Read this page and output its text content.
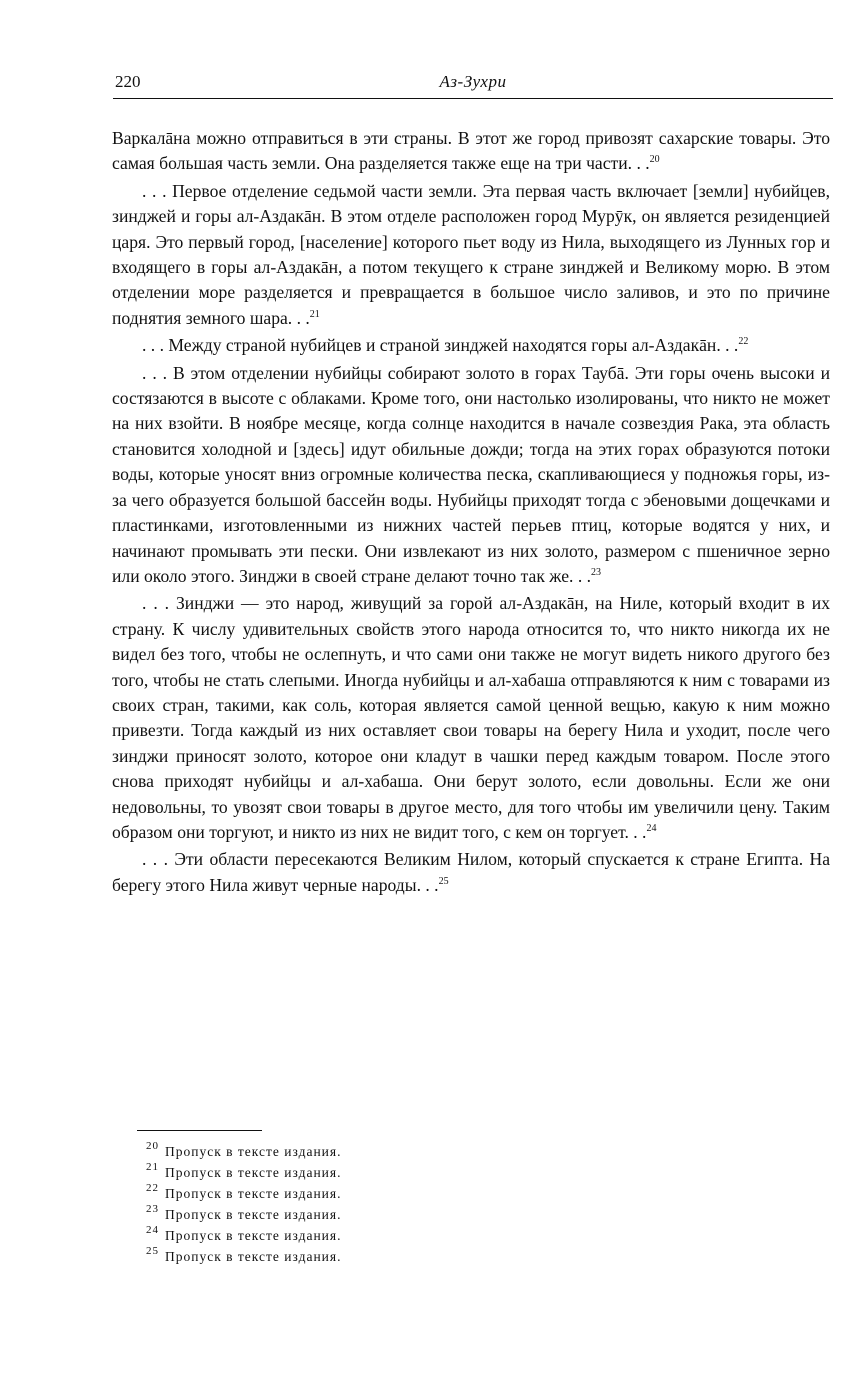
220	Аз-Зухри

Варкалāна можно отправиться в эти страны. В этот же город привозят сахарские товары. Это самая большая часть земли. Она разделяется также еще на три части. . .$^{20}$

. . . Первое отделение седьмой части земли. Эта первая часть включает [земли] нубийцев, зинджей и горы ал-Аздакāн. В этом отделе расположен город Мурӯк, он является резиденцией царя. Это первый город, [население] которого пьет воду из Нила, выходящего из Лунных гор и входящего в горы ал-Аздакāн, а потом текущего к стране зинджей и Великому морю. В этом отделении море разделяется и превращается в большое число заливов, и это по причине поднятия земного шара. . .$^{21}$

. . . Между страной нубийцев и страной зинджей находятся горы ал-Аздакāн. . .$^{22}$

. . . В этом отделении нубийцы собирают золото в горах Таубā. Эти горы очень высоки и состязаются в высоте с облаками. Кроме того, они настолько изолированы, что никто не может на них взойти. В ноябре месяце, когда солнце находится в начале созвездия Рака, эта область становится холодной и [здесь] идут обильные дожди; тогда на этих горах образуются потоки воды, которые уносят вниз огромные количества песка, скапливающиеся у подножья горы, из-за чего образуется большой бассейн воды. Нубийцы приходят тогда с эбеновыми дощечками и пластинками, изготовленными из нижних частей перьев птиц, которые водятся у них, и начинают промывать эти пески. Они извлекают из них золото, размером с пшеничное зерно или около этого. Зинджи в своей стране делают точно так же. . .$^{23}$

. . . Зинджи — это народ, живущий за горой ал-Аздакāн, на Ниле, который входит в их страну. К числу удивительных свойств этого народа относится то, что никто никогда их не видел без того, чтобы не ослепнуть, и что сами они также не могут видеть никого другого без того, чтобы не стать слепыми. Иногда нубийцы и ал-хабаша отправляются к ним с товарами из своих стран, такими, как соль, которая является самой ценной вещью, какую к ним можно привезти. Тогда каждый из них оставляет свои товары на берегу Нила и уходит, после чего зинджи приносят золото, которое они кладут в чашки перед каждым товаром. После этого снова приходят нубийцы и ал-хабаша. Они берут золото, если довольны. Если же они недовольны, то увозят свои товары в другое место, для того чтобы им увеличили цену. Таким образом они торгуют, и никто из них не видит того, с кем он торгует. . .$^{24}$

. . . Эти области пересекаются Великим Нилом, который спускается к стране Египта. На берегу этого Нила живут черные народы. . .$^{25}$

$^{20}$ Пропуск в тексте издания.
$^{21}$ Пропуск в тексте издания.
$^{22}$ Пропуск в тексте издания.
$^{23}$ Пропуск в тексте издания.
$^{24}$ Пропуск в тексте издания.
$^{25}$ Пропуск в тексте издания.
